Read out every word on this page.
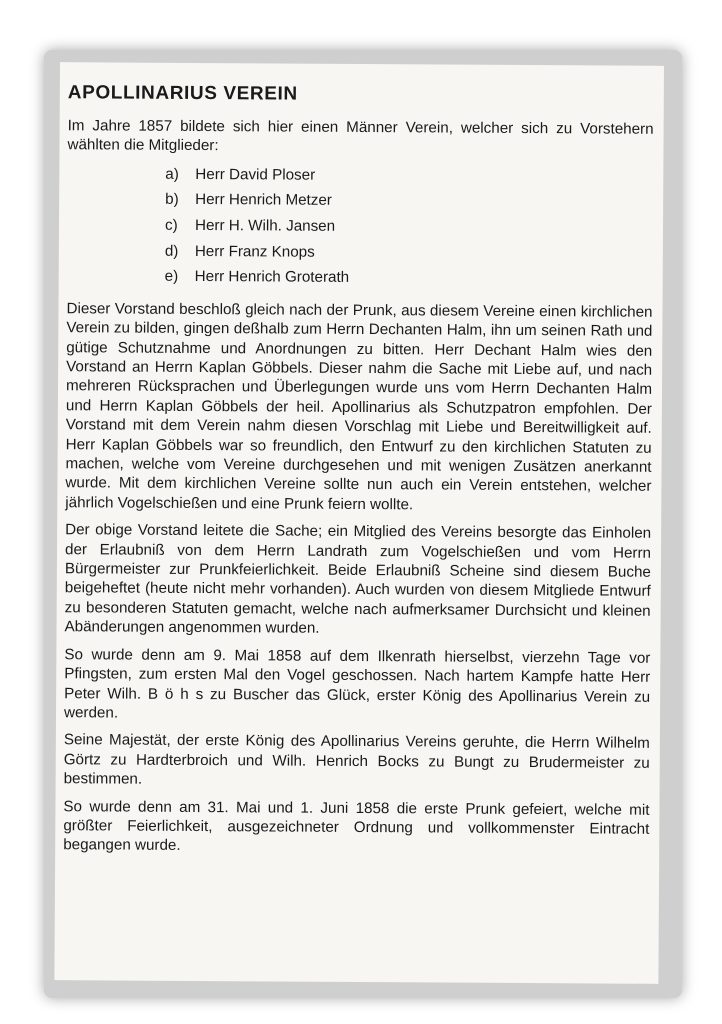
APOLLINARIUS VEREIN

Im Jahre 1857 bildete sich hier einen Männer Verein, welcher sich zu Vorstehern wählten die Mitglieder:

a)	Herr David Ploser
b)	Herr Henrich Metzer
c)	Herr H. Wilh. Jansen
d)	Herr Franz Knops
e)	Herr Henrich Groterath

Dieser Vorstand beschloß gleich nach der Prunk, aus diesem Vereine einen kirchlichen Verein zu bilden, gingen deßhalb zum Herrn Dechanten Halm, ihn um seinen Rath und gütige Schutznahme und Anordnungen zu bitten. Herr Dechant Halm wies den Vorstand an Herrn Kaplan Göbbels. Dieser nahm die Sache mit Liebe auf, und nach mehreren Rücksprachen und Überlegungen wurde uns vom Herrn Dechanten Halm und Herrn Kaplan Göbbels der heil. Apollinarius als Schutzpatron empfohlen. Der Vorstand mit dem Verein nahm diesen Vorschlag mit Liebe und Bereitwilligkeit auf. Herr Kaplan Göbbels war so freundlich, den Entwurf zu den kirchlichen Statuten zu machen, welche vom Vereine durchgesehen und mit wenigen Zusätzen anerkannt wurde. Mit dem kirchlichen Vereine sollte nun auch ein Verein entstehen, welcher jährlich Vogelschießen und eine Prunk feiern wollte.

Der obige Vorstand leitete die Sache; ein Mitglied des Vereins besorgte das Einholen der Erlaubniß von dem Herrn Landrath zum Vogelschießen und vom Herrn Bürgermeister zur Prunkfeierlichkeit. Beide Erlaubniß Scheine sind diesem Buche beigeheftet (heute nicht mehr vorhanden). Auch wurden von diesem Mitgliede Entwurf zu besonderen Statuten gemacht, welche nach aufmerksamer Durchsicht und kleinen Abänderungen angenommen wurden.

So wurde denn am 9. Mai 1858 auf dem Ilkenrath hierselbst, vierzehn Tage vor Pfingsten, zum ersten Mal den Vogel geschossen. Nach hartem Kampfe hatte Herr Peter Wilh. B ö h s zu Buscher das Glück, erster König des Apollinarius Verein zu werden.

Seine Majestät, der erste König des Apollinarius Vereins geruhte, die Herrn Wilhelm Görtz zu Hardterbroich und Wilh. Henrich Bocks zu Bungt zu Brudermeister zu bestimmen.

So wurde denn am 31. Mai und 1. Juni 1858 die erste Prunk gefeiert, welche mit größter Feierlichkeit, ausgezeichneter Ordnung und vollkommenster Eintracht begangen wurde.
